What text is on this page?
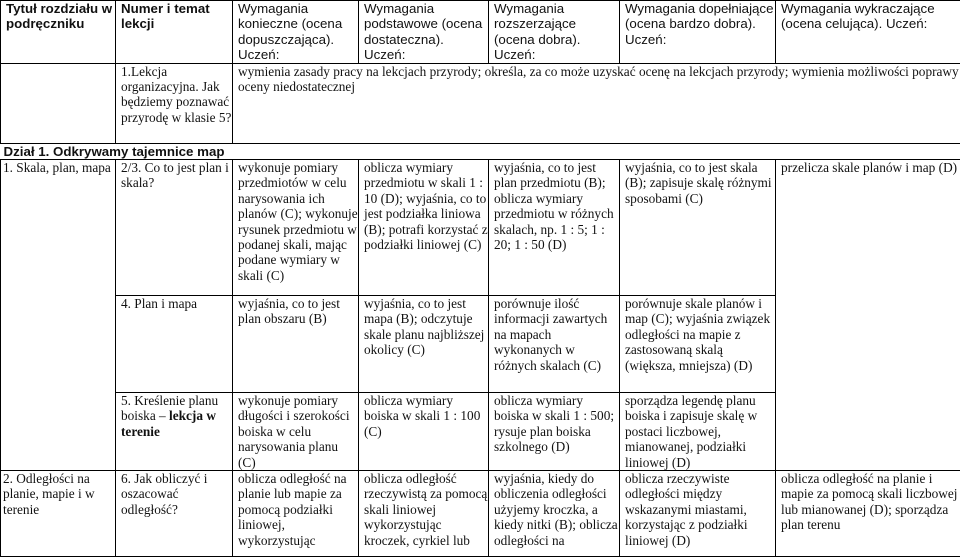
Tytuł rozdziału w podręczniku	Numer i temat lekcji	Wymagania konieczne (ocena dopuszczająca). Uczeń:	Wymagania podstawowe (ocena dostateczna). Uczeń:	Wymagania rozszerzające (ocena dobra). Uczeń:	Wymagania dopełniające (ocena bardzo dobra). Uczeń:	Wymagania wykraczające (ocena celująca). Uczeń:
	1.Lekcja organizacyjna. Jak będziemy poznawać przyrodę w klasie 5?	wymienia zasady pracy na lekcjach przyrody; określa, za co może uzyskać ocenę na lekcjach przyrody; wymienia możliwości poprawy oceny niedostatecznej				
Dział 1. Odkrywamy tajemnice map						
1. Skala, plan, mapa	2/3. Co to jest plan i skala?	wykonuje pomiary przedmiotów w celu narysowania ich planów (C); wykonuje rysunek przedmiotu w podanej skali, mając podane wymiary w skali (C)	oblicza wymiary przedmiotu w skali 1 : 10 (D); wyjaśnia, co to jest podziałka liniowa (B); potrafi korzystać z podziałki liniowej (C)	wyjaśnia, co to jest plan przedmiotu (B); oblicza wymiary przedmiotu w różnych skalach, np. 1 : 5; 1 : 20; 1 : 50 (D)	wyjaśnia, co to jest skala (B); zapisuje skalę różnymi sposobami (C)	przelicza skale planów i map (D)
	4. Plan i mapa	wyjaśnia, co to jest plan obszaru (B)	wyjaśnia, co to jest mapa (B); odczytuje skale planu najbliższej okolicy (C)	porównuje ilość informacji zawartych na mapach wykonanych w różnych skalach (C)	porównuje skale planów i map (C); wyjaśnia związek odległości na mapie z zastosowaną skalą (większa, mniejsza) (D)	
	5. Kreślenie planu boiska – lekcja w terenie	wykonuje pomiary długości i szerokości boiska w celu narysowania planu (C)	oblicza wymiary boiska w skali 1 : 100 (C)	oblicza wymiary boiska w skali 1 : 500; rysuje plan boiska szkolnego (D)	sporządza legendę planu boiska i zapisuje skalę w postaci liczbowej, mianowanej, podziałki liniowej (D)	
2. Odległości na planie, mapie i w terenie	6. Jak obliczyć i oszacować odległość?	oblicza odległość na planie lub mapie za pomocą podziałki liniowej, wykorzystując	oblicza odległość rzeczywistą za pomocą skali liniowej wykorzystując kroczek, cyrkiel lub	wyjaśnia, kiedy do obliczenia odległości użyjemy kroczka, a kiedy nitki (B); oblicza odległości na	oblicza rzeczywiste odległości między wskazanymi miastami, korzystając z podziałki liniowej (D)	oblicza odległość na planie i mapie za pomocą skali liczbowej lub mianowanej (D); sporządza plan terenu
